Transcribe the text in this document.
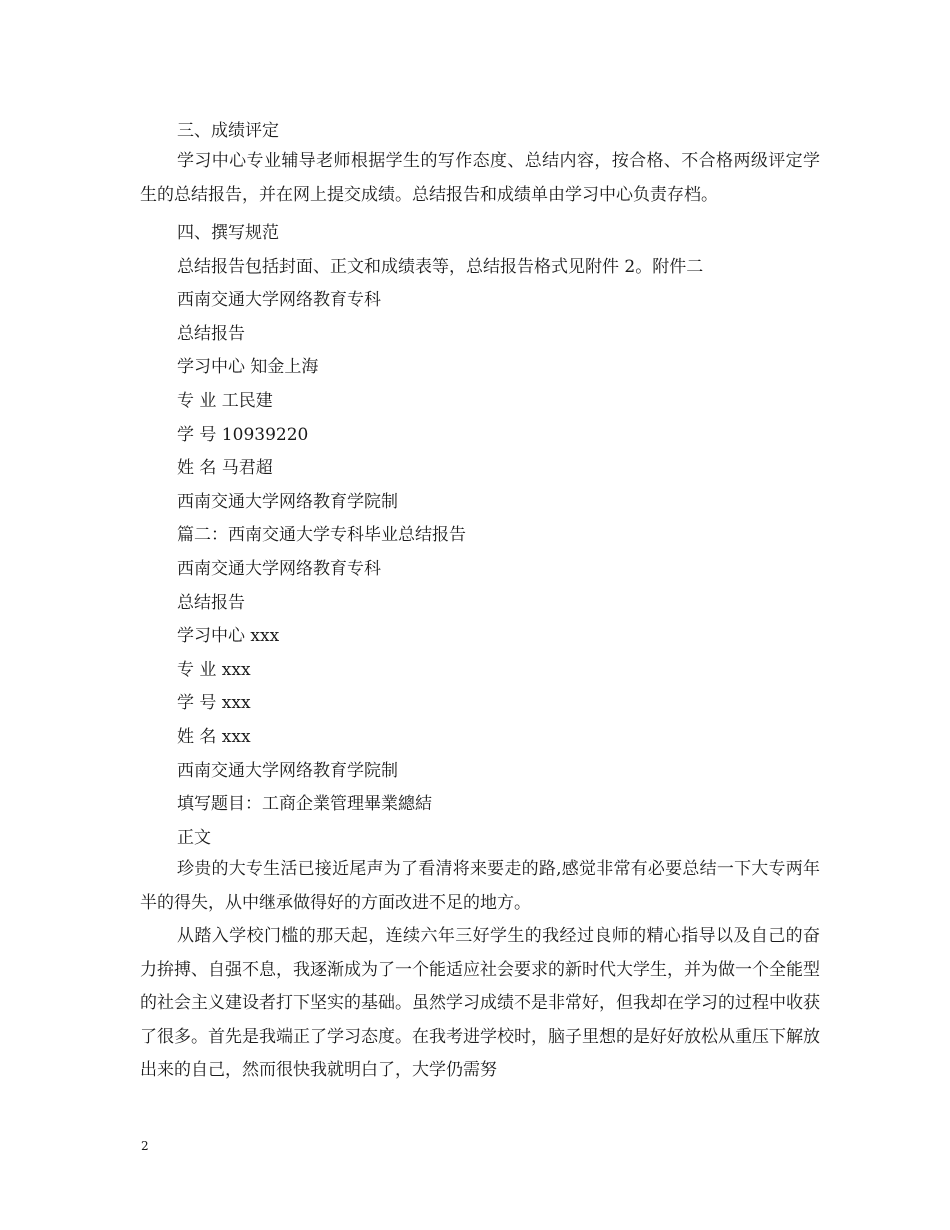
三、成绩评定
学习中心专业辅导老师根据学生的写作态度、总结内容，按合格、不合格两级评定学生的总结报告，并在网上提交成绩。总结报告和成绩单由学习中心负责存档。
四、撰写规范
总结报告包括封面、正文和成绩表等，总结报告格式见附件 2。附件二
西南交通大学网络教育专科
总结报告
学习中心 知金上海
专 业 工民建
学 号 10939220
姓 名 马君超
西南交通大学网络教育学院制
篇二：西南交通大学专科毕业总结报告
西南交通大学网络教育专科
总结报告
学习中心 xxx
专 业 xxx
学 号 xxx
姓 名 xxx
西南交通大学网络教育学院制
填写题目：工商企業管理畢業總結
正文
珍贵的大专生活已接近尾声为了看清将来要走的路,感觉非常有必要总结一下大专两年半的得失，从中继承做得好的方面改进不足的地方。
从踏入学校门槛的那天起，连续六年三好学生的我经过良师的精心指导以及自己的奋力拚搏、自强不息，我逐渐成为了一个能适应社会要求的新时代大学生，并为做一个全能型的社会主义建设者打下坚实的基础。虽然学习成绩不是非常好，但我却在学习的过程中收获了很多。首先是我端正了学习态度。在我考进学校时，脑子里想的是好好放松从重压下解放出来的自己，然而很快我就明白了，大学仍需努
2
